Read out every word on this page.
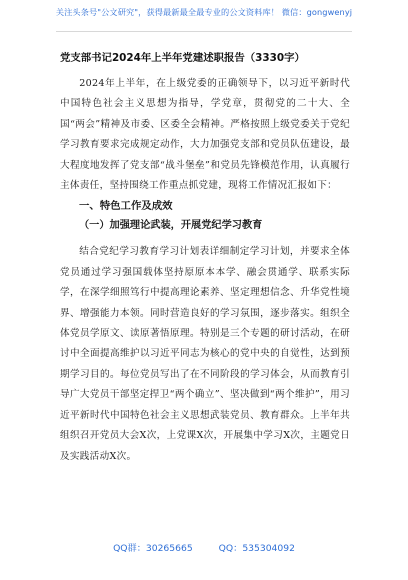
关注头条号"公文研究"，获得最新最全最专业的公文资料库！ 微信：gongwenyj
党支部书记2024年上半年党建述职报告（3330字）

2024年上半年，在上级党委的正确领导下，以习近平新时代中国特色社会主义思想为指导，学党章，贯彻党的二十大、全国“两会”精神及市委、区委全会精神。严格按照上级党委关于党纪学习教育要求完成规定动作，大力加强党支部和党员队伍建设，最大程度地发挥了党支部“战斗堡垒”和党员先锋模范作用，认真履行主体责任，坚持围绕工作重点抓党建，现将工作情况汇报如下：

一、特色工作及成效
（一）加强理论武装，开展党纪学习教育

结合党纪学习教育学习计划表详细制定学习计划，并要求全体党员通过学习强国载体坚持原原本本学、融会贯通学、联系实际学，在深学细照笃行中提高理论素养、坚定理想信念、升华党性境界、增强能力本领。同时营造良好的学习氛围，逐步落实。组织全体党员学原文、读原著悟原理。特别是三个专题的研讨活动，在研讨中全面提高维护以习近平同志为核心的党中央的自觉性，达到预期学习目的。每位党员写出了在不同阶段的学习体会，从而教育引导广大党员干部坚定捍卫“两个确立”、坚决做到“两个维护”，用习近平新时代中国特色社会主义思想武装党员、教育群众。上半年共组织召开党员大会X次，上党课X次，开展集中学习X次，主题党日及实践活动X次。

QQ群：30265665	QQ：535304092
